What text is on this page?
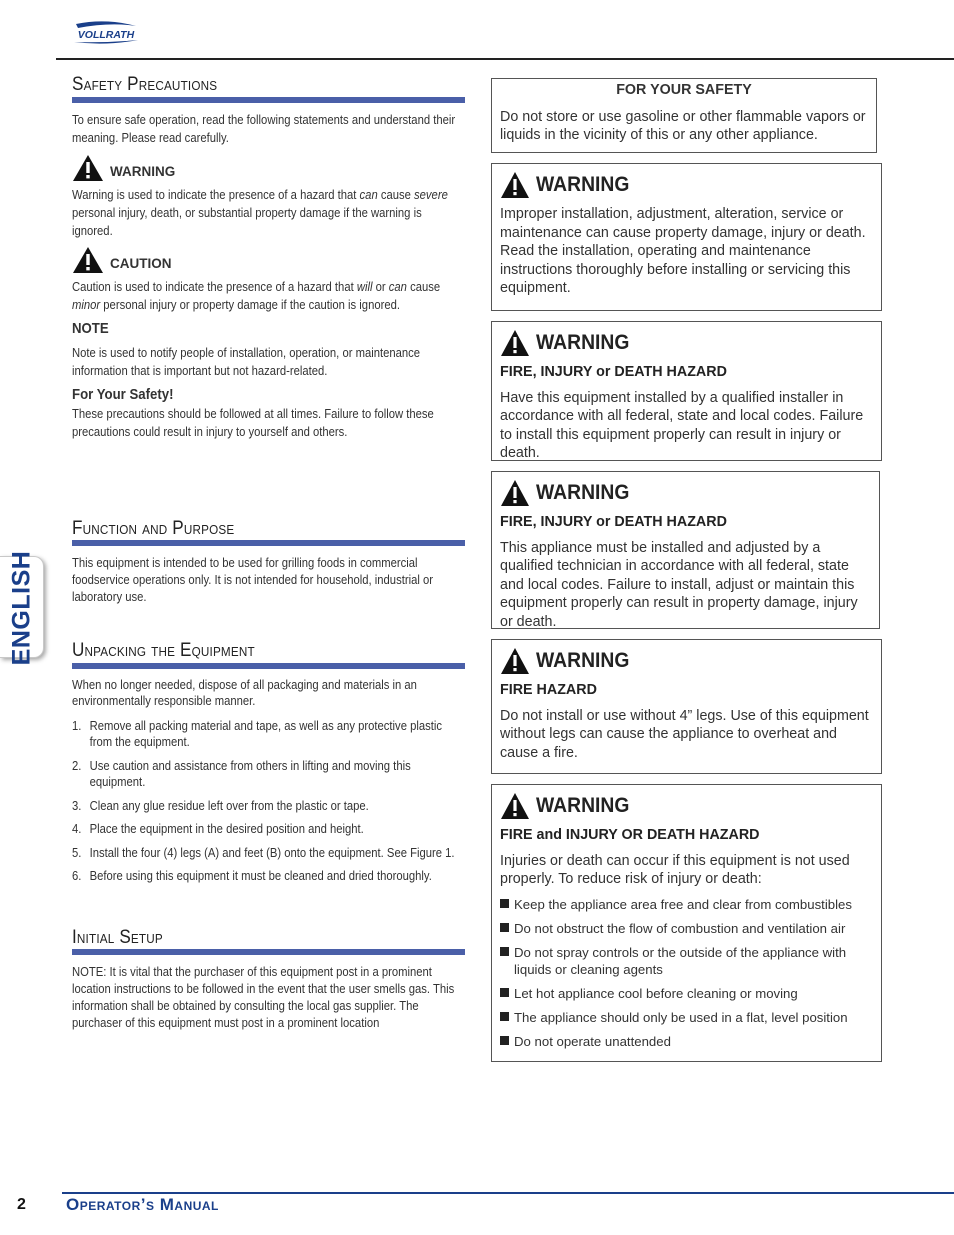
VOLLRATH
ENGLISH
Safety Precautions
To ensure safe operation, read the following statements and understand their meaning. Please read carefully.
WARNING
Warning is used to indicate the presence of a hazard that can cause severe personal injury, death, or substantial property damage if the warning is ignored.
CAUTION
Caution is used to indicate the presence of a hazard that will or can cause minor personal injury or property damage if the caution is ignored.
NOTE
Note is used to notify people of installation, operation, or maintenance information that is important but not hazard-related.
For Your Safety!
These precautions should be followed at all times. Failure to follow these precautions could result in injury to yourself and others.
Function and Purpose
This equipment is intended to be used for grilling foods in commercial foodservice operations only. It is not intended for household, industrial or laboratory use.
Unpacking the Equipment
When no longer needed, dispose of all packaging and materials in an environmentally responsible manner.
1. Remove all packing material and tape, as well as any protective plastic from the equipment.
2. Use caution and assistance from others in lifting and moving this equipment.
3. Clean any glue residue left over from the plastic or tape.
4. Place the equipment in the desired position and height.
5. Install the four (4) legs (A) and feet (B) onto the equipment. See Figure 1.
6. Before using this equipment it must be cleaned and dried thoroughly.
Initial Setup
NOTE: It is vital that the purchaser of this equipment post in a prominent location instructions to be followed in the event that the user smells gas. This information shall be obtained by consulting the local gas supplier. The purchaser of this equipment must post in a prominent location
FOR YOUR SAFETY
Do not store or use gasoline or other flammable vapors or liquids in the vicinity of this or any other appliance.
WARNING

Improper installation, adjustment, alteration, service or maintenance can cause property damage, injury or death. Read the installation, operating and maintenance instructions thoroughly before installing or servicing this equipment.

WARNING
FIRE, INJURY or DEATH HAZARD

Have this equipment installed by a qualified installer in accordance with all federal, state and local codes. Failure to install this equipment properly can result in injury or death.

WARNING
FIRE, INJURY or DEATH HAZARD

This appliance must be installed and adjusted by a qualified technician in accordance with all federal, state and local codes. Failure to install, adjust or maintain this equipment properly can result in property damage, injury or death.

WARNING
FIRE HAZARD

Do not install or use without 4” legs. Use of this equipment without legs can cause the appliance to overheat and cause a fire.

WARNING
FIRE and INJURY OR DEATH HAZARD

Injuries or death can occur if this equipment is not used properly. To reduce risk of injury or death:

Keep the appliance area free and clear from combustibles
Do not obstruct the flow of combustion and ventilation air
Do not spray controls or the outside of the appliance with liquids or cleaning agents
Let hot appliance cool before cleaning or moving
The appliance should only be used in a flat, level position
Do not operate unattended
2 Operator’s Manual
